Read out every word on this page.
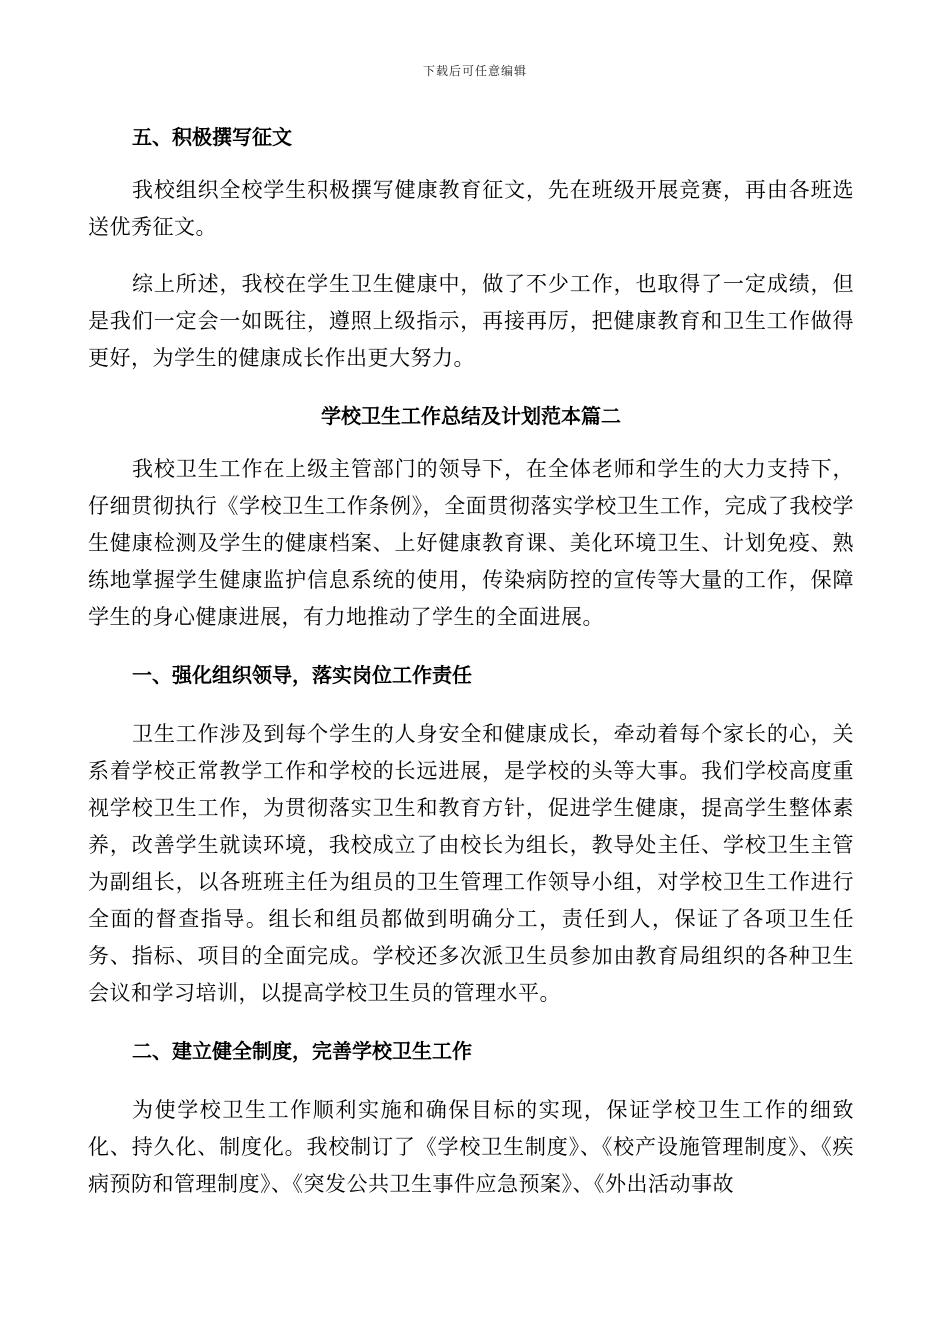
下载后可任意编辑
五、积极撰写征文

我校组织全校学生积极撰写健康教育征文，先在班级开展竞赛，再由各班选送优秀征文。

综上所述，我校在学生卫生健康中，做了不少工作，也取得了一定成绩，但是我们一定会一如既往，遵照上级指示，再接再厉，把健康教育和卫生工作做得更好，为学生的健康成长作出更大努力。

学校卫生工作总结及计划范本篇二

我校卫生工作在上级主管部门的领导下，在全体老师和学生的大力支持下，仔细贯彻执行《学校卫生工作条例》，全面贯彻落实学校卫生工作，完成了我校学生健康检测及学生的健康档案、上好健康教育课、美化环境卫生、计划免疫、熟练地掌握学生健康监护信息系统的使用，传染病防控的宣传等大量的工作，保障学生的身心健康进展，有力地推动了学生的全面进展。

一、强化组织领导，落实岗位工作责任

卫生工作涉及到每个学生的人身安全和健康成长，牵动着每个家长的心，关系着学校正常教学工作和学校的长远进展，是学校的头等大事。我们学校高度重视学校卫生工作，为贯彻落实卫生和教育方针，促进学生健康，提高学生整体素养，改善学生就读环境，我校成立了由校长为组长，教导处主任、学校卫生主管为副组长，以各班班主任为组员的卫生管理工作领导小组，对学校卫生工作进行全面的督查指导。组长和组员都做到明确分工，责任到人，保证了各项卫生任务、指标、项目的全面完成。学校还多次派卫生员参加由教育局组织的各种卫生会议和学习培训，以提高学校卫生员的管理水平。

二、建立健全制度，完善学校卫生工作

为使学校卫生工作顺利实施和确保目标的实现，保证学校卫生工作的细致化、持久化、制度化。我校制订了《学校卫生制度》、《校产设施管理制度》、《疾病预防和管理制度》、《突发公共卫生事件应急预案》、《外出活动事故
